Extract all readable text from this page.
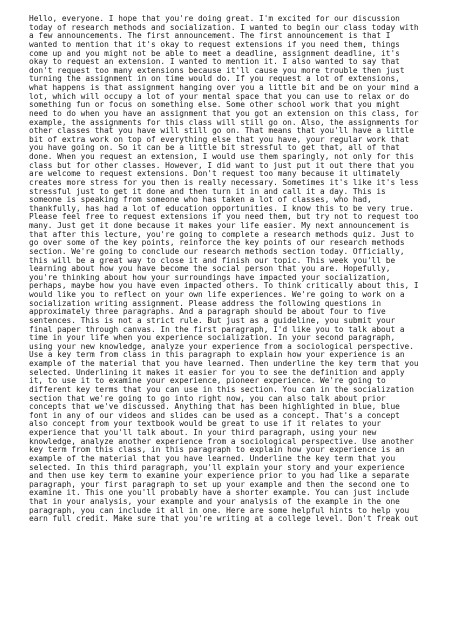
Hello, everyone. I hope that you're doing great. I'm excited for our discussion
today of research methods and socialization. I wanted to begin our class today with
a few announcements. The first announcement. The first announcement is that I
wanted to mention that it's okay to request extensions if you need them, things
come up and you might not be able to meet a deadline, assignment deadline, it's
okay to request an extension. I wanted to mention it. I also wanted to say that
don't request too many extensions because it'll cause you more trouble then just
turning the assignment in on time would do. If you request a lot of extensions,
what happens is that assignment hanging over you a little bit and be on your mind a
lot, which will occupy a lot of your mental space that you can use to relax or do
something fun or focus on something else. Some other school work that you might
need to do when you have an assignment that you got an extension on this class, for
example, the assignments for this class will still go on. Also, the assignments for
other classes that you have will still go on. That means that you'll have a little
bit of extra work on top of everything else that you have, your regular work that
you have going on. So it can be a little bit stressful to get that, all of that
done. When you request an extension, I would use them sparingly, not only for this
class but for other classes. However, I did want to just put it out there that you
are welcome to request extensions. Don't request too many because it ultimately
creates more stress for you then is really necessary. Sometimes it's like it's less
stressful just to get it done and then turn it in and call it a day. This is
someone is speaking from someone who has taken a lot of classes, who had,
thankfully, has had a lot of education opportunities. I know this to be very true.
Please feel free to request extensions if you need them, but try not to request too
many. Just get it done because it makes your life easier. My next announcement is
that after this lecture, you're going to complete a research methods quiz. Just to
go over some of the key points, reinforce the key points of our research methods
section. We're going to conclude our research methods section today. Officially,
this will be a great way to close it and finish our topic. This week you'll be
learning about how you have become the social person that you are. Hopefully,
you're thinking about how your surroundings have impacted your socialization,
perhaps, maybe how you have even impacted others. To think critically about this, I
would like you to reflect on your own life experiences. We're going to work on a
socialization writing assignment. Please address the following questions in
approximately three paragraphs. And a paragraph should be about four to five
sentences. This is not a strict rule. But just as a guideline, you submit your
final paper through canvas. In the first paragraph, I'd like you to talk about a
time in your life when you experience socialization. In your second paragraph,
using your new knowledge, analyze your experience from a sociological perspective.
Use a key term from class in this paragraph to explain how your experience is an
example of the material that you have learned. Then underline the key term that you
selected. Underlining it makes it easier for you to see the definition and apply
it, to use it to examine your experience, pioneer experience. We're going to
different key terms that you can use in this section. You can in the socialization
section that we're going to go into right now, you can also talk about prior
concepts that we've discussed. Anything that has been highlighted in blue, blue
font in any of our videos and slides can be used as a concept. That's a concept
also concept from your textbook would be great to use if it relates to your
experience that you'll talk about. In your third paragraph, using your new
knowledge, analyze another experience from a sociological perspective. Use another
key term from this class, in this paragraph to explain how your experience is an
example of the material that you have learned. Underline the key term that you
selected. In this third paragraph, you'll explain your story and your experience
and then use key term to examine your experience prior to you had like a separate
paragraph, your first paragraph to set up your example and then the second one to
examine it. This one you'll probably have a shorter example. You can just include
that in your analysis, your example and your analysis of the example in the one
paragraph, you can include it all in one. Here are some helpful hints to help you
earn full credit. Make sure that you're writing at a college level. Don't freak out
